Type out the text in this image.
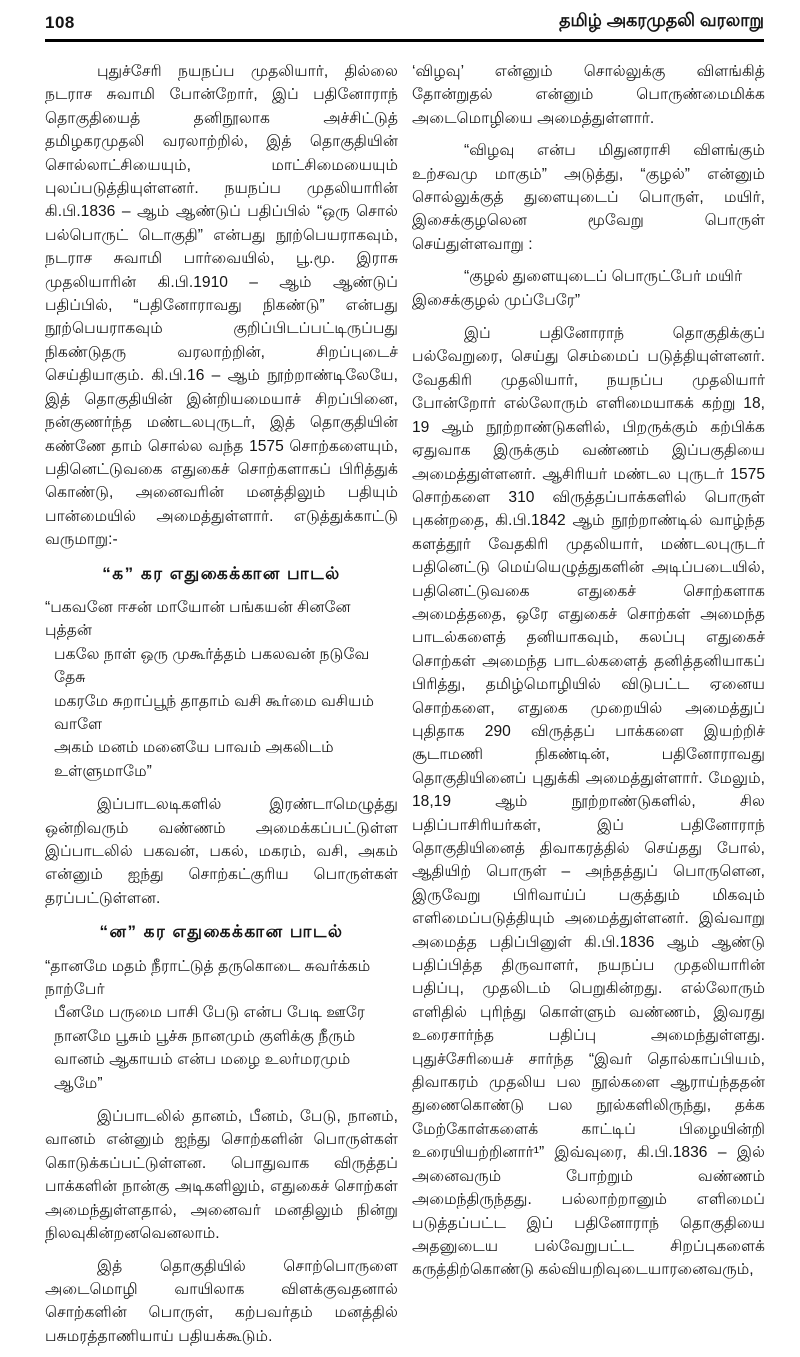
108	தமிழ் அகரமுதலி வரலாறு

புதுச்சேரி நயநப்ப முதலியார், தில்லை நடராச சுவாமி போன்றோர், இப் பதினோராந் தொகுதியைத் தனிநூலாக அச்சிட்டுத் தமிழகரமுதலி வரலாற்றில், இத் தொகுதியின் சொல்லாட்சியையும், மாட்சிமையையும் புலப்படுத்தியுள்ளனர். நயநப்ப முதலியாரின் கி.பி.1836 – ஆம் ஆண்டுப் பதிப்பில் “ஒரு சொல் பல்பொருட் டொகுதி” என்பது நூற்பெயராகவும், நடராச சுவாமி பார்வையில், பூ.மூ. இராசு முதலியாரின் கி.பி.1910 – ஆம் ஆண்டுப் பதிப்பில், “பதினோராவது நிகண்டு” என்பது நூற்பெயராகவும் குறிப்பிடப்பட்டிருப்பது நிகண்டுதரு வரலாற்றின், சிறப்புடைச் செய்தியாகும். கி.பி.16 – ஆம் நூற்றாண்டிலேயே, இத் தொகுதியின் இன்றியமையாச் சிறப்பினை, நன்குணர்ந்த மண்டலபுருடர், இத் தொகுதியின் கண்ணே தாம் சொல்ல வந்த 1575 சொற்களையும், பதினெட்டுவகை எதுகைச் சொற்களாகப் பிரித்துக் கொண்டு, அனைவரின் மனத்திலும் பதியும் பான்மையில் அமைத்துள்ளார். எடுத்துக்காட்டு வருமாறு:-

“க” கர எதுகைக்கான பாடல்
“பகவனே ஈசன் மாயோன் பங்கயன் சினனே புத்தன்
பகலே நாள் ஒரு முகூர்த்தம் பகலவன் நடுவே தேசு
மகரமே சுறாப்பூந் தாதாம் வசி கூர்மை வசியம் வாளே
அகம் மனம் மனையே பாவம் அகலிடம் உள்ளுமாமே”

இப்பாடலடிகளில் இரண்டாமெழுத்து ஒன்றிவரும் வண்ணம் அமைக்கப்பட்டுள்ள இப்பாடலில் பகவன், பகல், மகரம், வசி, அகம் என்னும் ஐந்து சொற்கட்குரிய பொருள்கள் தரப்பட்டுள்ளன.

“ன” கர எதுகைக்கான பாடல்
“தானமே மதம் நீராட்டுத் தருகொடை சுவர்க்கம் நாற்பேர்
பீனமே பருமை பாசி பேடு என்ப பேடி ஊரே
நானமே பூசும் பூச்சு நானமும் குளிக்கு நீரும்
வானம் ஆகாயம் என்ப மழை உலர்மரமும் ஆமே”

இப்பாடலில் தானம், பீனம், பேடு, நானம், வானம் என்னும் ஐந்து சொற்களின் பொருள்கள் கொடுக்கப்பட்டுள்ளன. பொதுவாக விருத்தப் பாக்களின் நான்கு அடிகளிலும், எதுகைச் சொற்கள் அமைந்துள்ளதால், அனைவர் மனதிலும் நின்று நிலவுகின்றனவெனலாம்.

இத் தொகுதியில் சொற்பொருளை அடைமொழி வாயிலாக விளக்குவதனால் சொற்களின் பொருள், கற்பவர்தம் மனத்தில் பசுமரத்தாணியாய் பதியக்கூடும்.

‘விழவு’ என்னும் சொல்லுக்கு விளங்கித் தோன்றுதல் என்னும் பொருண்மைமிக்க அடைமொழியை அமைத்துள்ளார்.

“விழவு என்ப மிதுனராசி விளங்கும் உற்சவமு மாகும்” அடுத்து, “குழல்” என்னும் சொல்லுக்குத் துளையுடைப் பொருள், மயிர், இசைக்குழலென மூவேறு பொருள் செய்துள்ளவாறு :

“குழல் துளையுடைப் பொருட்பேர் மயிர்
இசைக்குழல் முப்பேரே”

இப் பதினோராந் தொகுதிக்குப் பல்வேறுரை, செய்து செம்மைப் படுத்தியுள்ளனர். வேதகிரி முதலியார், நயநப்ப முதலியார் போன்றோர் எல்லோரும் எளிமையாகக் கற்று 18, 19 ஆம் நூற்றாண்டுகளில், பிறருக்கும் கற்பிக்க ஏதுவாக இருக்கும் வண்ணம் இப்பகுதியை அமைத்துள்ளனர். ஆசிரியர் மண்டல புருடர் 1575 சொற்களை 310 விருத்தப்பாக்களில் பொருள் புகன்றதை, கி.பி.1842 ஆம் நூற்றாண்டில் வாழ்ந்த களத்தூர் வேதகிரி முதலியார், மண்டலபுருடர் பதினெட்டு மெய்யெழுத்துகளின் அடிப்படையில், பதினெட்டுவகை எதுகைச் சொற்களாக அமைத்ததை, ஒரே எதுகைச் சொற்கள் அமைந்த பாடல்களைத் தனியாகவும், கலப்பு எதுகைச் சொற்கள் அமைந்த பாடல்களைத் தனித்தனியாகப் பிரித்து, தமிழ்மொழியில் விடுபட்ட ஏனைய சொற்களை, எதுகை முறையில் அமைத்துப் புதிதாக 290 விருத்தப் பாக்களை இயற்றிச் சூடாமணி நிகண்டின், பதினோராவது தொகுதியினைப் புதுக்கி அமைத்துள்ளார். மேலும், 18,19 ஆம் நூற்றாண்டுகளில், சில பதிப்பாசிரியர்கள், இப் பதினோராந் தொகுதியினைத் திவாகரத்தில் செய்தது போல், ஆதியிற் பொருள் – அந்தத்துப் பொருளென, இருவேறு பிரிவாய்ப் பகுத்தும் மிகவும் எளிமைப்படுத்தியும் அமைத்துள்ளனர். இவ்வாறு அமைத்த பதிப்பினுள் கி.பி.1836 ஆம் ஆண்டு பதிப்பித்த திருவாளர், நயநப்ப முதலியாரின் பதிப்பு, முதலிடம் பெறுகின்றது. எல்லோரும் எளிதில் புரிந்து கொள்ளும் வண்ணம், இவரது உரைசார்ந்த பதிப்பு அமைந்துள்ளது. புதுச்சேரியைச் சார்ந்த “இவர் தொல்காப்பியம், திவாகரம் முதலிய பல நூல்களை ஆராய்ந்ததன் துணைகொண்டு பல நூல்களிலிருந்து, தக்க மேற்கோள்களைக் காட்டிப் பிழையின்றி உரையியற்றினார்¹” இவ்வுரை, கி.பி.1836 – இல் அனைவரும் போற்றும் வண்ணம் அமைந்திருந்தது. பல்லாற்றானும் எளிமைப் படுத்தப்பட்ட இப் பதினோராந் தொகுதியை அதனுடைய பல்வேறுபட்ட சிறப்புகளைக் கருத்திற்கொண்டு கல்வியறிவுடையாரனைவரும்,
